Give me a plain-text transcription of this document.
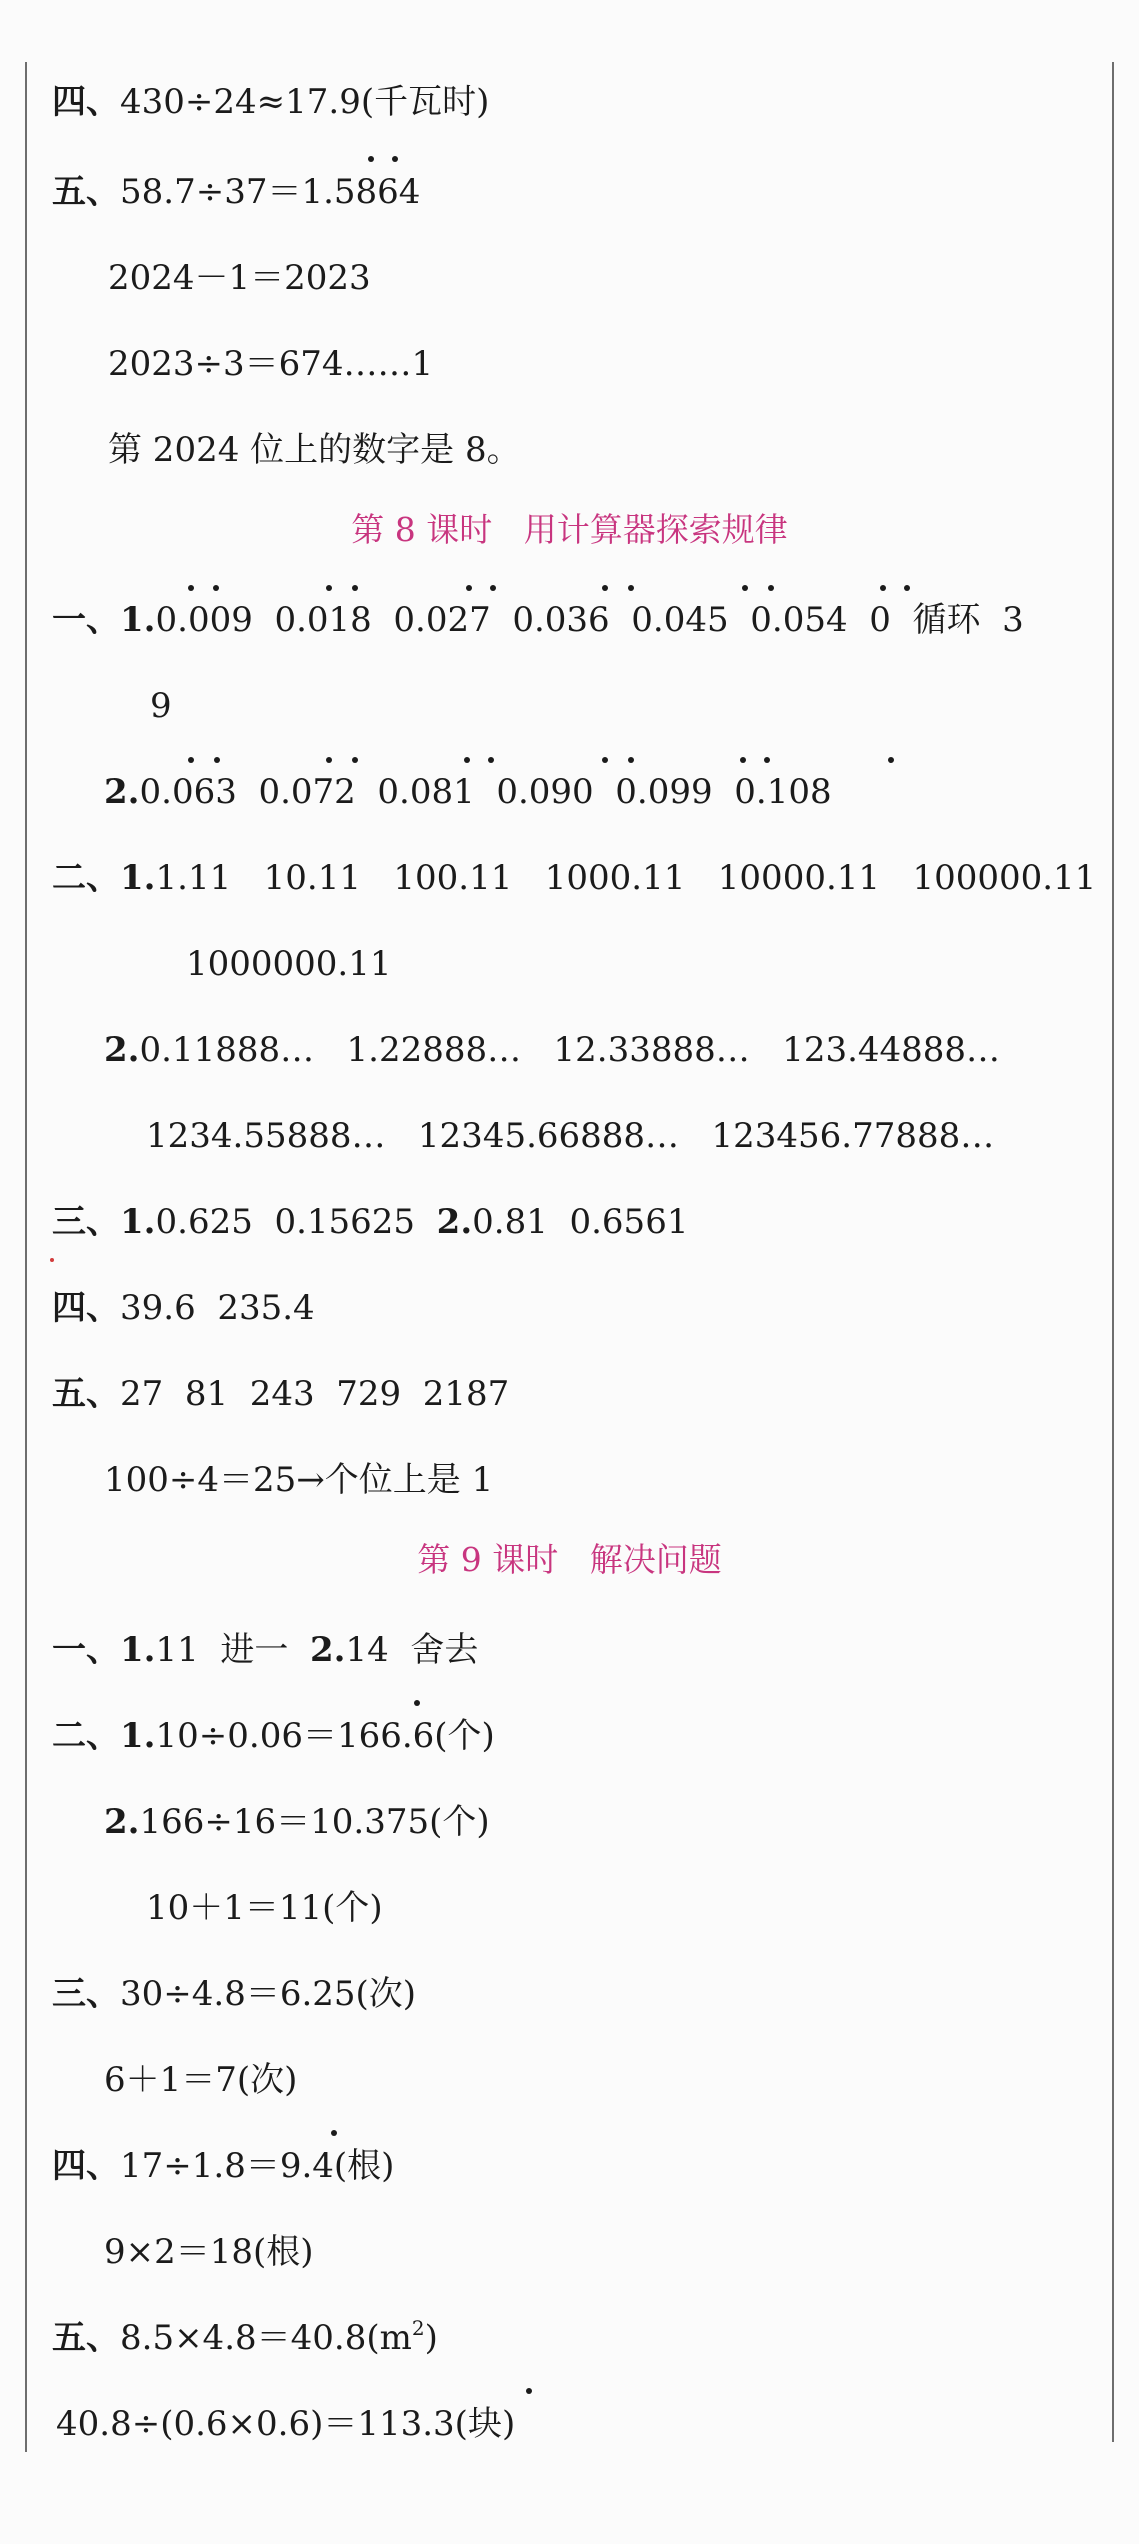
四、430÷24≈17.9(千瓦时)
五、58.7÷37＝1.5864
2024－1＝2023
2023÷3＝674……1
第 2024 位上的数字是 8。
第 8 课时   用计算器探索规律
一、1.0.009  0.018  0.027  0.036  0.045  0.054  0  循环  3
9
2.0.063  0.072  0.081  0.090  0.099  0.108
二、1.1.11   10.11   100.11   1000.11   10000.11   100000.11
1000000.11
2.0.11888…   1.22888…   12.33888…   123.44888…
1234.55888…   12345.66888…   123456.77888…
三、1.0.625  0.15625  2.0.81  0.6561
四、39.6  235.4
五、27  81  243  729  2187
100÷4＝25→个位上是 1
第 9 课时   解决问题
一、1.11  进一  2.14  舍去
二、1.10÷0.06＝166.6(个)
2.166÷16＝10.375(个)
10＋1＝11(个)
三、30÷4.8＝6.25(次)
6＋1＝7(次)
四、17÷1.8＝9.4(根)
9×2＝18(根)
五、$8.5\times 4.8=40.8(m^2)$
40.8÷(0.6×0.6)＝113.3(块)
